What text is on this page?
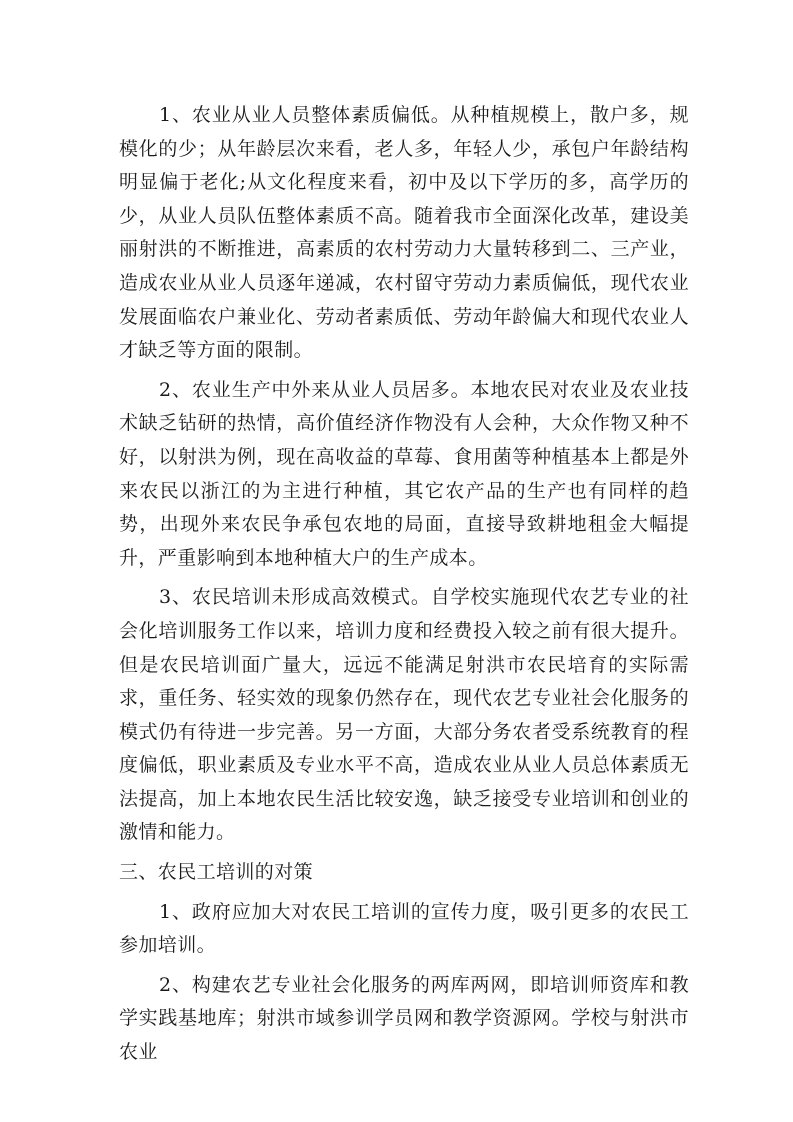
1、农业从业人员整体素质偏低。从种植规模上，散户多，规模化的少；从年龄层次来看，老人多，年轻人少，承包户年龄结构明显偏于老化;从文化程度来看，初中及以下学历的多，高学历的少，从业人员队伍整体素质不高。随着我市全面深化改革，建设美丽射洪的不断推进，高素质的农村劳动力大量转移到二、三产业，造成农业从业人员逐年递减，农村留守劳动力素质偏低，现代农业发展面临农户兼业化、劳动者素质低、劳动年龄偏大和现代农业人才缺乏等方面的限制。

2、农业生产中外来从业人员居多。本地农民对农业及农业技术缺乏钻研的热情，高价值经济作物没有人会种，大众作物又种不好，以射洪为例，现在高收益的草莓、食用菌等种植基本上都是外来农民以浙江的为主进行种植，其它农产品的生产也有同样的趋势，出现外来农民争承包农地的局面，直接导致耕地租金大幅提升，严重影响到本地种植大户的生产成本。

3、农民培训未形成高效模式。自学校实施现代农艺专业的社会化培训服务工作以来，培训力度和经费投入较之前有很大提升。但是农民培训面广量大，远远不能满足射洪市农民培育的实际需求，重任务、轻实效的现象仍然存在，现代农艺专业社会化服务的模式仍有待进一步完善。另一方面，大部分务农者受系统教育的程度偏低，职业素质及专业水平不高，造成农业从业人员总体素质无法提高，加上本地农民生活比较安逸，缺乏接受专业培训和创业的激情和能力。

三、农民工培训的对策

1、政府应加大对农民工培训的宣传力度，吸引更多的农民工参加培训。

2、构建农艺专业社会化服务的两库两网，即培训师资库和教学实践基地库；射洪市域参训学员网和教学资源网。学校与射洪市农业
